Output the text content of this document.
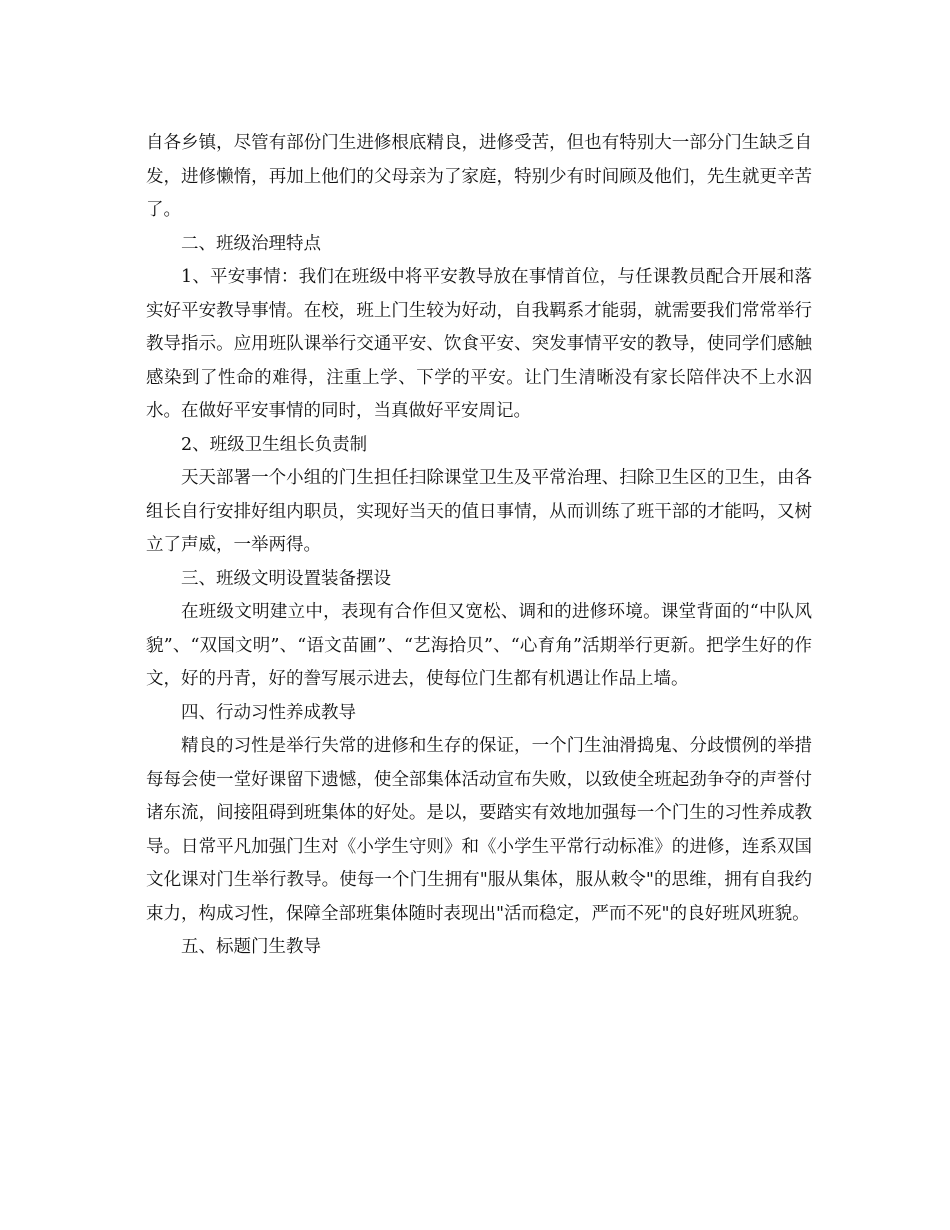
自各乡镇，尽管有部份门生进修根底精良，进修受苦，但也有特别大一部分门生缺乏自发，进修懒惰，再加上他们的父母亲为了家庭，特别少有时间顾及他们，先生就更辛苦了。

二、班级治理特点

1、平安事情：我们在班级中将平安教导放在事情首位，与任课教员配合开展和落实好平安教导事情。在校，班上门生较为好动，自我羁系才能弱，就需要我们常常举行教导指示。应用班队课举行交通平安、饮食平安、突发事情平安的教导，使同学们感触感染到了性命的难得，注重上学、下学的平安。让门生清晰没有家长陪伴决不上水泅水。在做好平安事情的同时，当真做好平安周记。

2、班级卫生组长负责制

天天部署一个小组的门生担任扫除课堂卫生及平常治理、扫除卫生区的卫生，由各组长自行安排好组内职员，实现好当天的值日事情，从而训练了班干部的才能吗，又树立了声威，一举两得。

三、班级文明设置装备摆设

在班级文明建立中，表现有合作但又宽松、调和的进修环境。课堂背面的“中队风貌”、“双国文明”、“语文苗圃”、“艺海拾贝”、“心育角”活期举行更新。把学生好的作文，好的丹青，好的誊写展示进去，使每位门生都有机遇让作品上墙。

四、行动习性养成教导

精良的习性是举行失常的进修和生存的保证，一个门生油滑捣鬼、分歧惯例的举措每每会使一堂好课留下遗憾，使全部集体活动宣布失败，以致使全班起劲争夺的声誉付诸东流，间接阻碍到班集体的好处。是以，要踏实有效地加强每一个门生的习性养成教导。日常平凡加强门生对《小学生守则》和《小学生平常行动标准》的进修，连系双国文化课对门生举行教导。使每一个门生拥有"服从集体，服从敕令"的思维，拥有自我约束力，构成习性，保障全部班集体随时表现出"活而稳定，严而不死"的良好班风班貌。

五、标题门生教导
